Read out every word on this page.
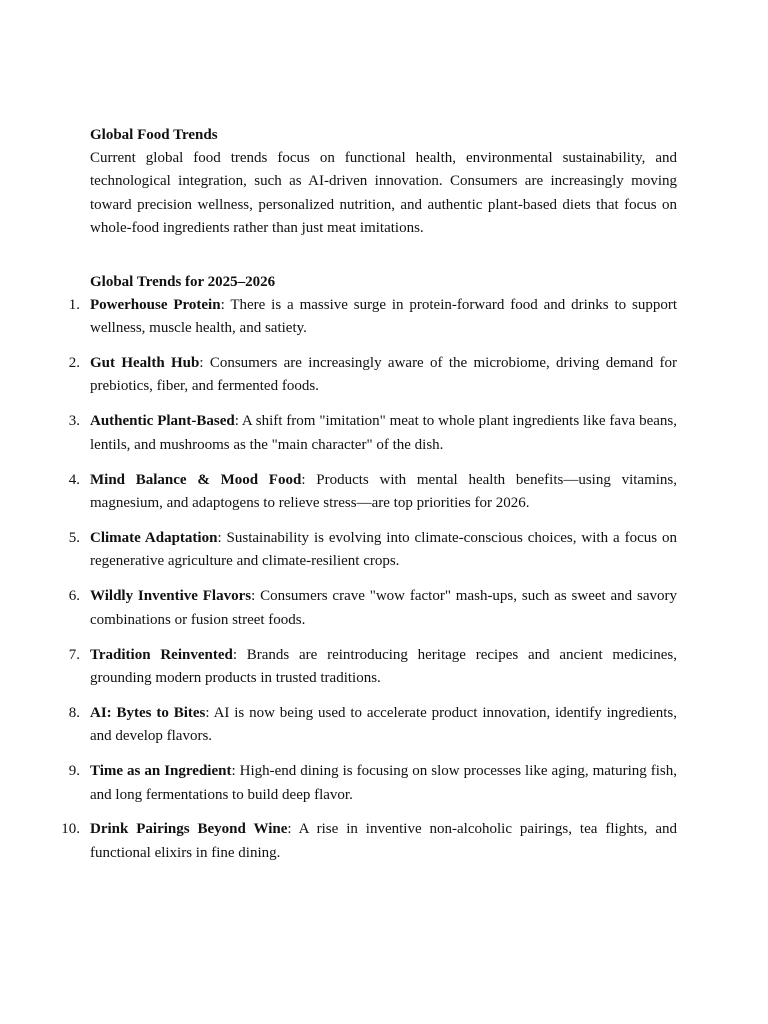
Global Food Trends

Current global food trends focus on functional health, environmental sustainability, and technological integration, such as AI-driven innovation. Consumers are increasingly moving toward precision wellness, personalized nutrition, and authentic plant-based diets that focus on whole-food ingredients rather than just meat imitations.

Global Trends for 2025–2026

1. Powerhouse Protein: There is a massive surge in protein-forward food and drinks to support wellness, muscle health, and satiety.
2. Gut Health Hub: Consumers are increasingly aware of the microbiome, driving demand for prebiotics, fiber, and fermented foods.
3. Authentic Plant-Based: A shift from "imitation" meat to whole plant ingredients like fava beans, lentils, and mushrooms as the "main character" of the dish.
4. Mind Balance & Mood Food: Products with mental health benefits—using vitamins, magnesium, and adaptogens to relieve stress—are top priorities for 2026.
5. Climate Adaptation: Sustainability is evolving into climate-conscious choices, with a focus on regenerative agriculture and climate-resilient crops.
6. Wildly Inventive Flavors: Consumers crave "wow factor" mash-ups, such as sweet and savory combinations or fusion street foods.
7. Tradition Reinvented: Brands are reintroducing heritage recipes and ancient medicines, grounding modern products in trusted traditions.
8. AI: Bytes to Bites: AI is now being used to accelerate product innovation, identify ingredients, and develop flavors.
9. Time as an Ingredient: High-end dining is focusing on slow processes like aging, maturing fish, and long fermentations to build deep flavor.
10. Drink Pairings Beyond Wine: A rise in inventive non-alcoholic pairings, tea flights, and functional elixirs in fine dining.
